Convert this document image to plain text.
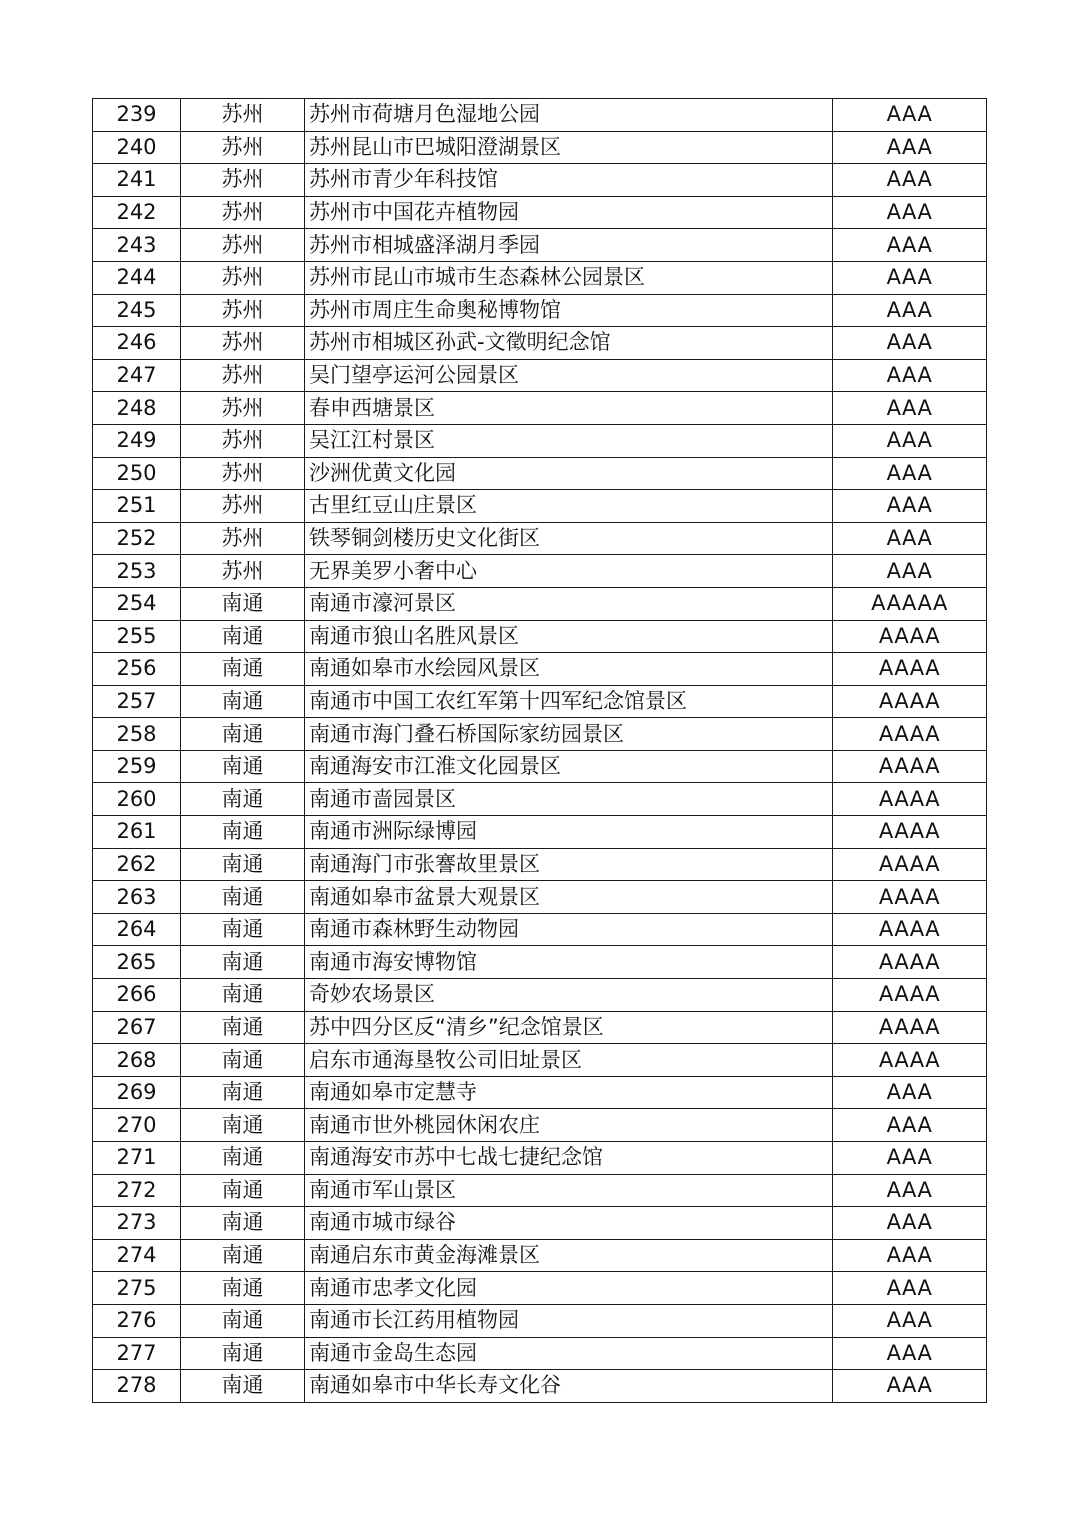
239	苏州	苏州市荷塘月色湿地公园	AAA
240	苏州	苏州昆山市巴城阳澄湖景区	AAA
241	苏州	苏州市青少年科技馆	AAA
242	苏州	苏州市中国花卉植物园	AAA
243	苏州	苏州市相城盛泽湖月季园	AAA
244	苏州	苏州市昆山市城市生态森林公园景区	AAA
245	苏州	苏州市周庄生命奥秘博物馆	AAA
246	苏州	苏州市相城区孙武-文徵明纪念馆	AAA
247	苏州	吴门望亭运河公园景区	AAA
248	苏州	春申西塘景区	AAA
249	苏州	吴江江村景区	AAA
250	苏州	沙洲优黄文化园	AAA
251	苏州	古里红豆山庄景区	AAA
252	苏州	铁琴铜剑楼历史文化街区	AAA
253	苏州	无界美罗小奢中心	AAA
254	南通	南通市濠河景区	AAAAA
255	南通	南通市狼山名胜风景区	AAAA
256	南通	南通如皋市水绘园风景区	AAAA
257	南通	南通市中国工农红军第十四军纪念馆景区	AAAA
258	南通	南通市海门叠石桥国际家纺园景区	AAAA
259	南通	南通海安市江淮文化园景区	AAAA
260	南通	南通市啬园景区	AAAA
261	南通	南通市洲际绿博园	AAAA
262	南通	南通海门市张謇故里景区	AAAA
263	南通	南通如皋市盆景大观景区	AAAA
264	南通	南通市森林野生动物园	AAAA
265	南通	南通市海安博物馆	AAAA
266	南通	奇妙农场景区	AAAA
267	南通	苏中四分区反“清乡”纪念馆景区	AAAA
268	南通	启东市通海垦牧公司旧址景区	AAAA
269	南通	南通如皋市定慧寺	AAA
270	南通	南通市世外桃园休闲农庄	AAA
271	南通	南通海安市苏中七战七捷纪念馆	AAA
272	南通	南通市军山景区	AAA
273	南通	南通市城市绿谷	AAA
274	南通	南通启东市黄金海滩景区	AAA
275	南通	南通市忠孝文化园	AAA
276	南通	南通市长江药用植物园	AAA
277	南通	南通市金岛生态园	AAA
278	南通	南通如皋市中华长寿文化谷	AAA
